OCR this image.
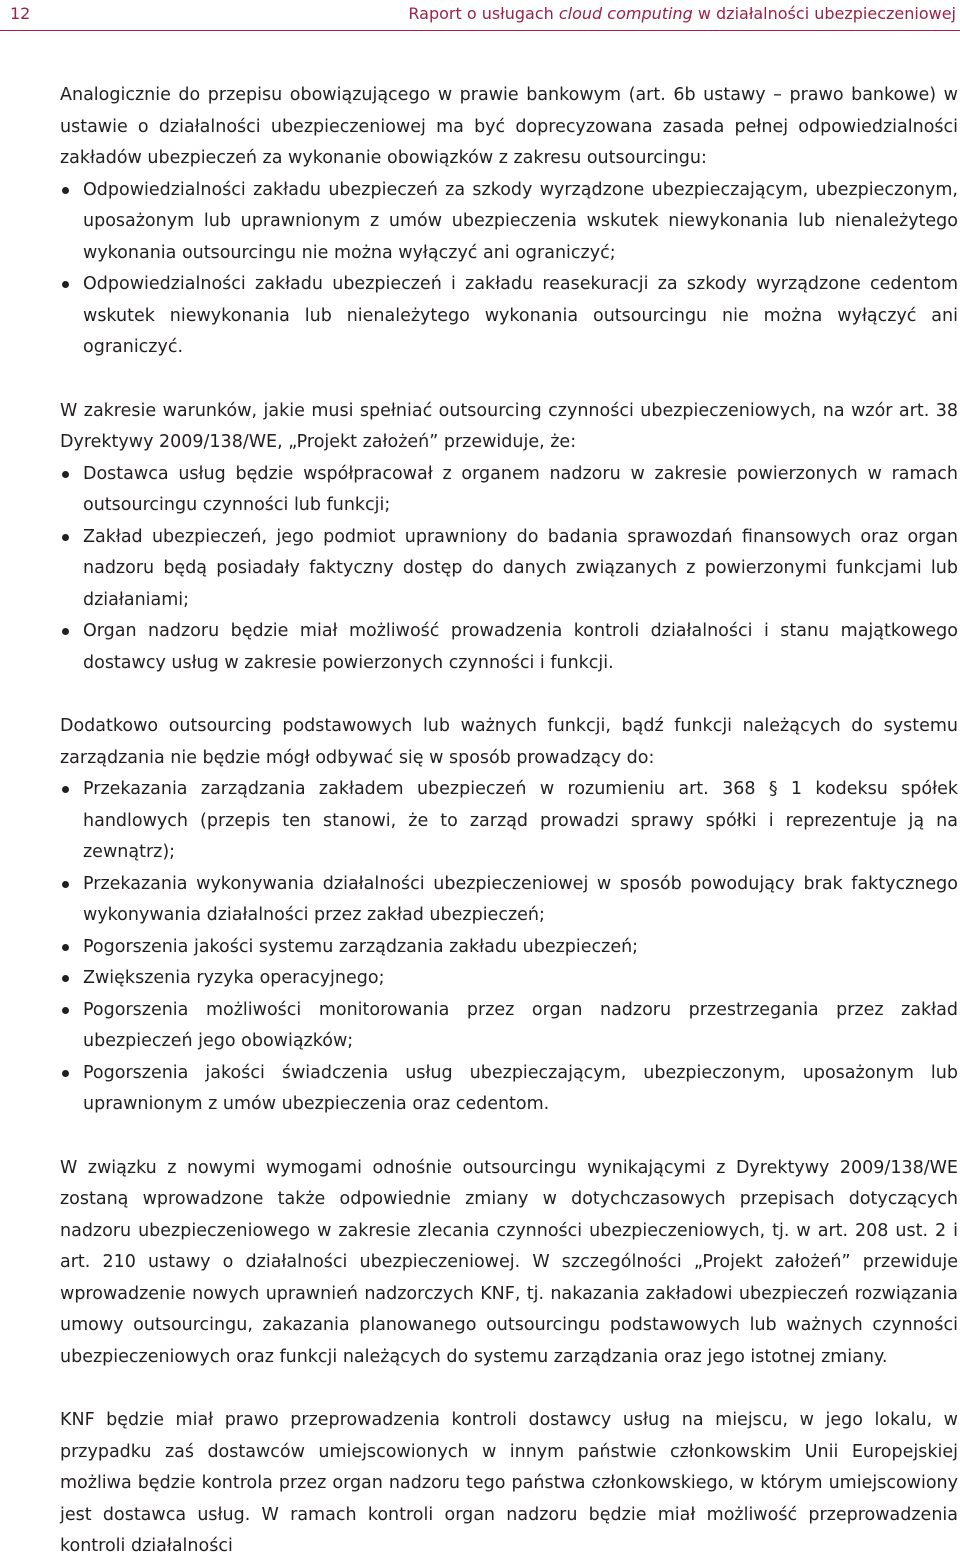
12	Raport o usługach cloud computing w działalności ubezpieczeniowej

Analogicznie do przepisu obowiązującego w prawie bankowym (art. 6b ustawy – prawo bankowe) w ustawie o działalności ubezpieczeniowej ma być doprecyzowana zasada pełnej odpowiedzialności zakładów ubezpieczeń za wykonanie obowiązków z zakresu outsourcingu:

Odpowiedzialności zakładu ubezpieczeń za szkody wyrządzone ubezpieczającym, ubezpieczonym, uposażonym lub uprawnionym z umów ubezpieczenia wskutek niewykonania lub nienależytego wykonania outsourcingu nie można wyłączyć ani ograniczyć;
Odpowiedzialności zakładu ubezpieczeń i zakładu reasekuracji za szkody wyrządzone cedentom wskutek niewykonania lub nienależytego wykonania outsourcingu nie można wyłączyć ani ograniczyć.

W zakresie warunków, jakie musi spełniać outsourcing czynności ubezpieczeniowych, na wzór art. 38 Dyrektywy 2009/138/WE, „Projekt założeń” przewiduje, że:

Dostawca usług będzie współpracował z organem nadzoru w zakresie powierzonych w ramach outsourcingu czynności lub funkcji;
Zakład ubezpieczeń, jego podmiot uprawniony do badania sprawozdań finansowych oraz organ nadzoru będą posiadały faktyczny dostęp do danych związanych z powierzonymi funkcjami lub działaniami;
Organ nadzoru będzie miał możliwość prowadzenia kontroli działalności i stanu majątkowego dostawcy usług w zakresie powierzonych czynności i funkcji.

Dodatkowo outsourcing podstawowych lub ważnych funkcji, bądź funkcji należących do systemu zarządzania nie będzie mógł odbywać się w sposób prowadzący do:

Przekazania zarządzania zakładem ubezpieczeń w rozumieniu art. 368 § 1 kodeksu spółek handlowych (przepis ten stanowi, że to zarząd prowadzi sprawy spółki i reprezentuje ją na zewnątrz);
Przekazania wykonywania działalności ubezpieczeniowej w sposób powodujący brak faktycznego wykonywania działalności przez zakład ubezpieczeń;
Pogorszenia jakości systemu zarządzania zakładu ubezpieczeń;
Zwiększenia ryzyka operacyjnego;
Pogorszenia możliwości monitorowania przez organ nadzoru przestrzegania przez zakład ubezpieczeń jego obowiązków;
Pogorszenia jakości świadczenia usług ubezpieczającym, ubezpieczonym, uposażonym lub uprawnionym z umów ubezpieczenia oraz cedentom.

W związku z nowymi wymogami odnośnie outsourcingu wynikającymi z Dyrektywy 2009/138/WE zostaną wprowadzone także odpowiednie zmiany w dotychczasowych przepisach dotyczących nadzoru ubezpieczeniowego w zakresie zlecania czynności ubezpieczeniowych, tj. w art. 208 ust. 2 i art. 210 ustawy o działalności ubezpieczeniowej. W szczególności „Projekt założeń” przewiduje wprowadzenie nowych uprawnień nadzorczych KNF, tj. nakazania zakładowi ubezpieczeń rozwiązania umowy outsourcingu, zakazania planowanego outsourcingu podstawowych lub ważnych czynności ubezpieczeniowych oraz funkcji należących do systemu zarządzania oraz jego istotnej zmiany.

KNF będzie miał prawo przeprowadzenia kontroli dostawcy usług na miejscu, w jego lokalu, w przypadku zaś dostawców umiejscowionych w innym państwie członkowskim Unii Europejskiej możliwa będzie kontrola przez organ nadzoru tego państwa członkowskiego, w którym umiejscowiony jest dostawca usług. W ramach kontroli organ nadzoru będzie miał możliwość przeprowadzenia kontroli działalności
